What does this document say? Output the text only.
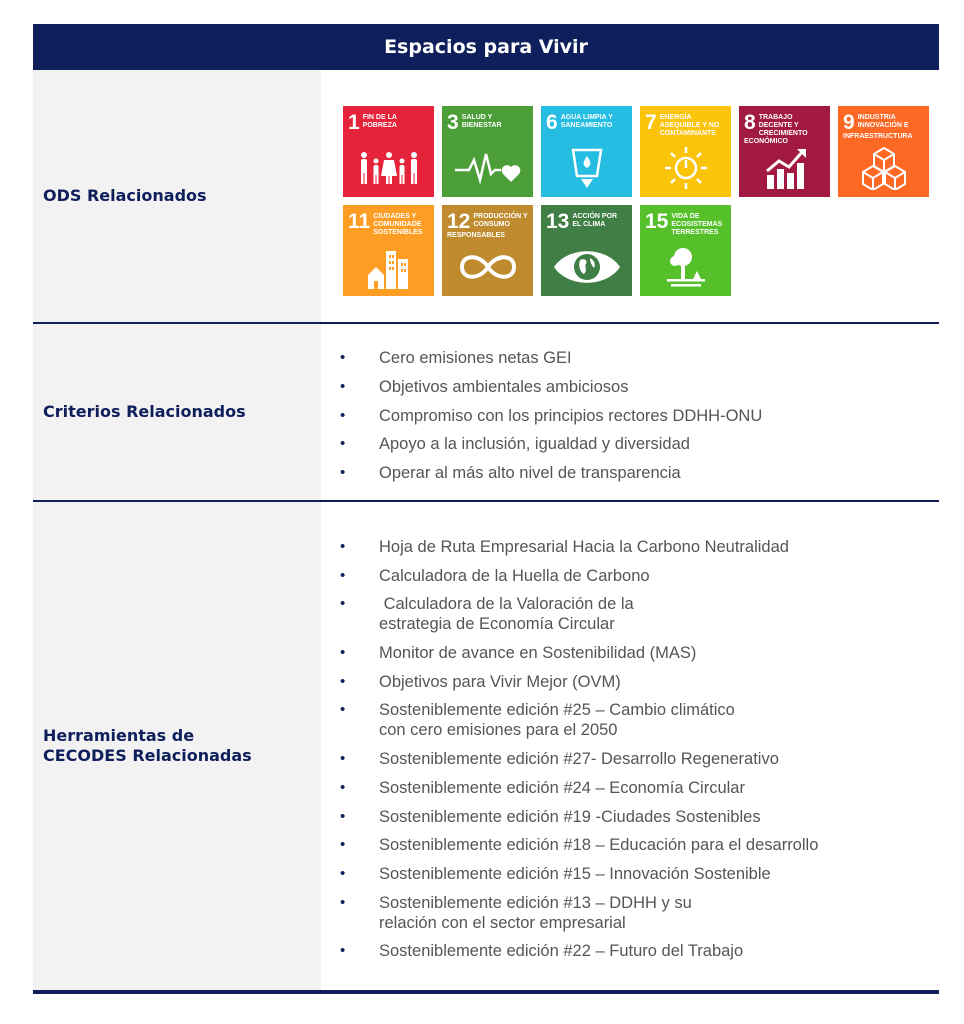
Espacios para Vivir
ODS Relacionados
1 FIN DE LA POBREZA	3 SALUD Y BIENESTAR	6 AGUA LIMPIA Y SANEAMIENTO	7 ENERGÍA ASEQUIBLE Y NO CONTAMINANTE	8 TRABAJO DECENTE Y CRECIMIENTO ECONÓMICO
9 INDUSTRIA INNOVACIÓN E INFRAESTRUCTURA
11 CIUDADES Y COMUNIDADE SOSTENIBLES	12 PRODUCCIÓN Y CONSUMO RESPONSABLES
13 ACCIÓN POR EL CLIMA	15 VIDA DE ECOSISTEMAS TERRESTRES
Criterios Relacionados
• Cero emisiones netas GEI
• Objetivos ambientales ambiciosos
• Compromiso con los principios rectores DDHH-ONU
• Apoyo a la inclusión, igualdad y diversidad
• Operar al más alto nivel de transparencia
Herramientas de
CECODES Relacionadas
• Hoja de Ruta Empresarial Hacia la Carbono Neutralidad
• Calculadora de la Huella de Carbono
•  Calculadora de la Valoración de la
estrategia de Economía Circular
• Monitor de avance en Sostenibilidad (MAS)
• Objetivos para Vivir Mejor (OVM)
• Sosteniblemente edición #25 – Cambio climático
con cero emisiones para el 2050
• Sosteniblemente edición #27- Desarrollo Regenerativo
• Sosteniblemente edición #24 – Economía Circular
• Sosteniblemente edición #19 -Ciudades Sostenibles
• Sosteniblemente edición #18 – Educación para el desarrollo
• Sosteniblemente edición #15 – Innovación Sostenible
• Sosteniblemente edición #13 – DDHH y su
relación con el sector empresarial
• Sosteniblemente edición #22 – Futuro del Trabajo
